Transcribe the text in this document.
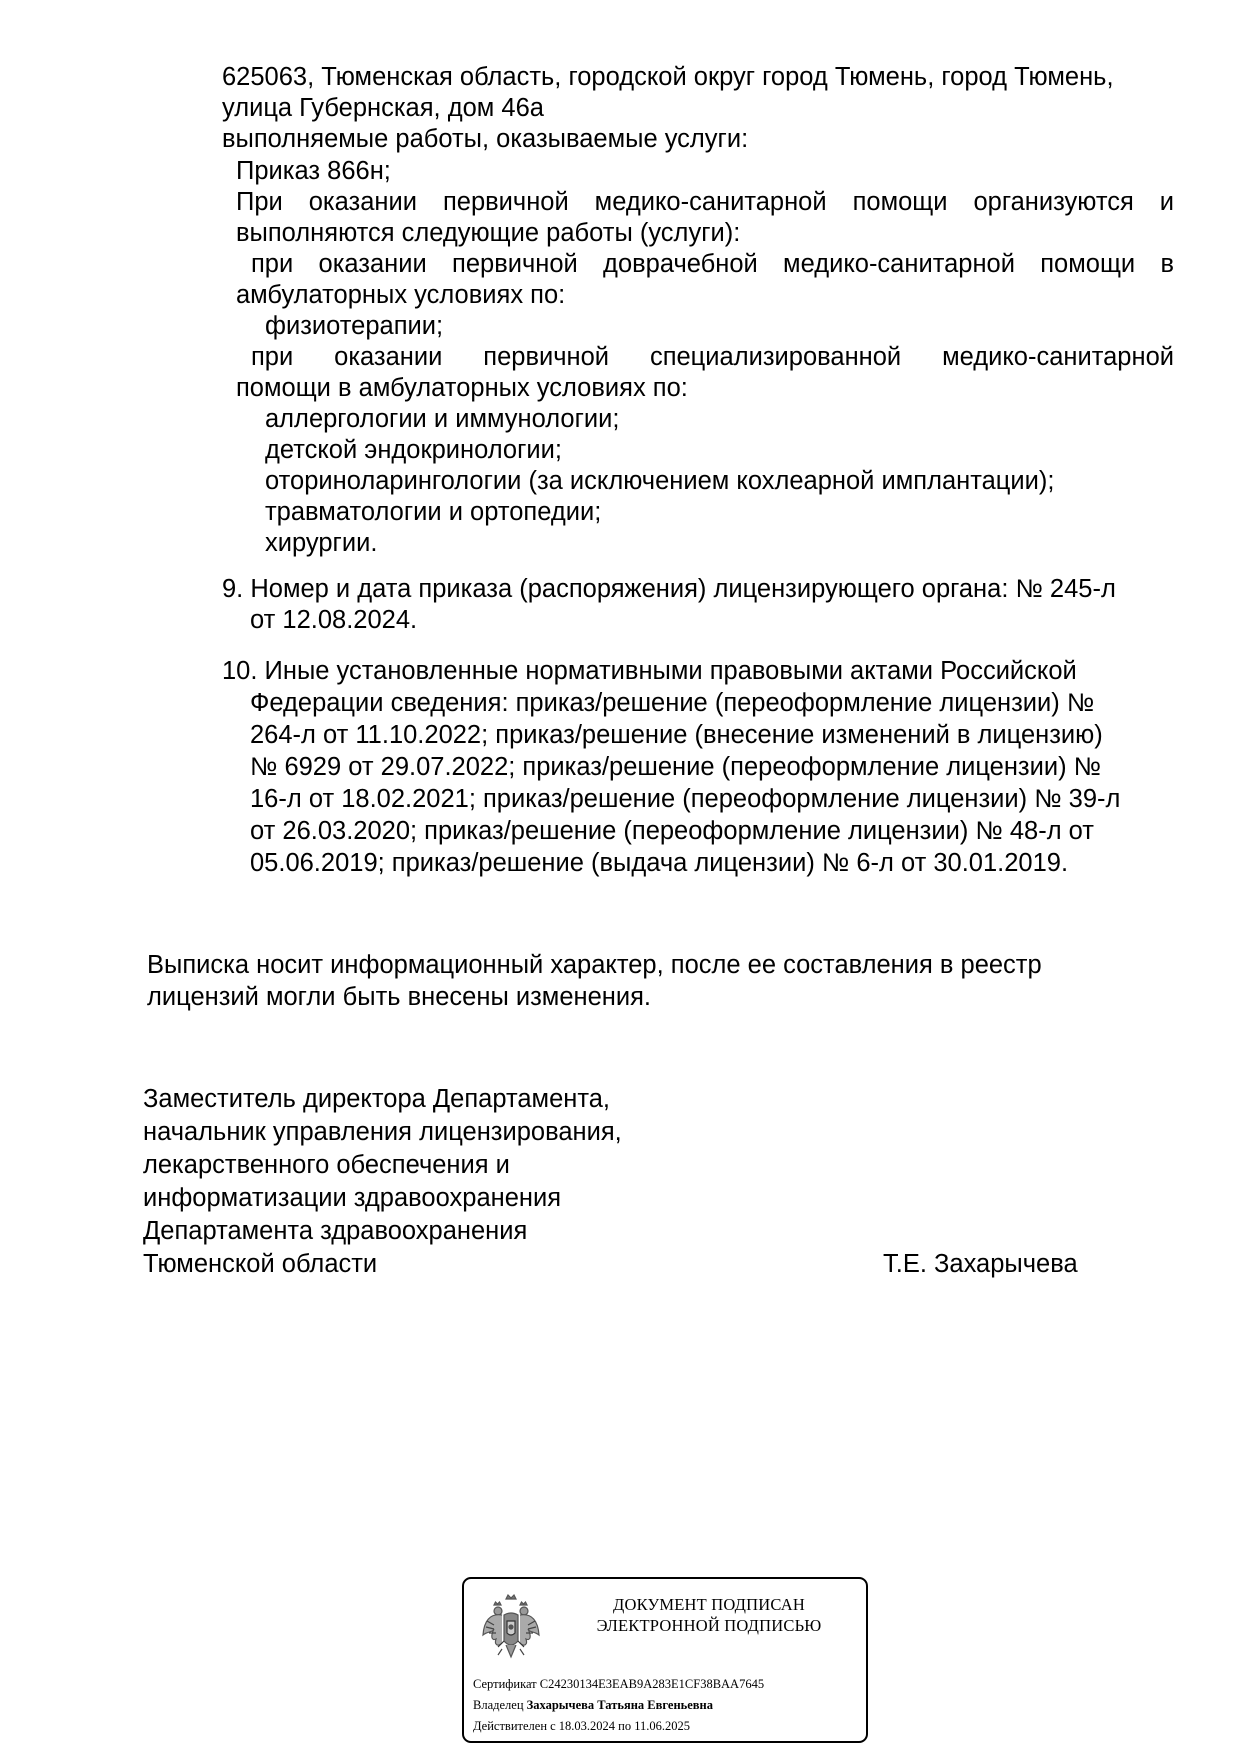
625063, Тюменская область, городской округ город Тюмень, город Тюмень,
улица Губернская, дом 46а
выполняемые работы, оказываемые услуги:
Приказ 866н;
При оказании первичной медико-санитарной помощи организуются и
выполняются следующие работы (услуги):
при оказании первичной доврачебной медико-санитарной помощи в
амбулаторных условиях по:
физиотерапии;
при оказании первичной специализированной медико-санитарной
помощи в амбулаторных условиях по:
аллергологии и иммунологии;
детской эндокринологии;
оториноларингологии (за исключением кохлеарной имплантации);
травматологии и ортопедии;
хирургии.
9. Номер и дата приказа (распоряжения) лицензирующего органа: № 245-л
от 12.08.2024.
10. Иные установленные нормативными правовыми актами Российской
Федерации сведения: приказ/решение (переоформление лицензии) №
264-л от 11.10.2022; приказ/решение (внесение изменений в лицензию)
№ 6929 от 29.07.2022; приказ/решение (переоформление лицензии) №
16-л от 18.02.2021; приказ/решение (переоформление лицензии) № 39-л
от 26.03.2020; приказ/решение (переоформление лицензии) № 48-л от
05.06.2019; приказ/решение (выдача лицензии) № 6-л от 30.01.2019.
Выписка носит информационный характер, после ее составления в реестр
лицензий могли быть внесены изменения.
Заместитель директора Департамента,
начальник управления лицензирования,
лекарственного обеспечения и
информатизации здравоохранения
Департамента здравоохранения
Тюменской области	Т.Е. Захарычева
ДОКУМЕНТ ПОДПИСАН
ЭЛЕКТРОННОЙ ПОДПИСЬЮ
Сертификат C24230134E3EAB9A283E1CF38BAA7645
Владелец Захарычева Татьяна Евгеньевна
Действителен с 18.03.2024 по 11.06.2025
